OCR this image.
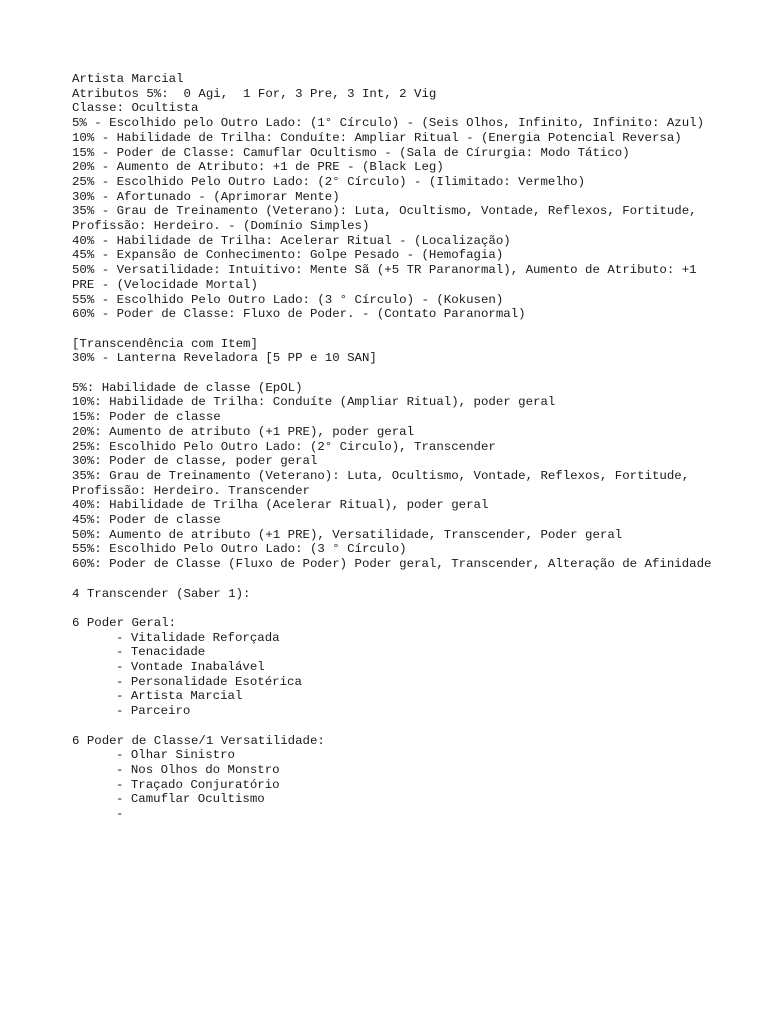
Artista Marcial
Atributos 5%:  0 Agi,  1 For, 3 Pre, 3 Int, 2 Vig
Classe: Ocultista
5% - Escolhido pelo Outro Lado: (1° Círculo) - (Seis Olhos, Infinito, Infinito: Azul)
10% - Habilidade de Trilha: Conduíte: Ampliar Ritual - (Energia Potencial Reversa)
15% - Poder de Classe: Camuflar Ocultismo - (Sala de Círurgia: Modo Tático)
20% - Aumento de Atributo: +1 de PRE - (Black Leg)
25% - Escolhido Pelo Outro Lado: (2° Círculo) - (Ilimitado: Vermelho)
30% - Afortunado - (Aprimorar Mente)
35% - Grau de Treinamento (Veterano): Luta, Ocultismo, Vontade, Reflexos, Fortitude, Profissão: Herdeiro. - (Domínio Simples)
40% - Habilidade de Trilha: Acelerar Ritual - (Localização)
45% - Expansão de Conhecimento: Golpe Pesado - (Hemofagia)
50% - Versatilidade: Intuitivo: Mente Sã (+5 TR Paranormal), Aumento de Atributo: +1 PRE - (Velocidade Mortal)
55% - Escolhido Pelo Outro Lado: (3 ° Círculo) - (Kokusen)
60% - Poder de Classe: Fluxo de Poder. - (Contato Paranormal)
[Transcendência com Item]
30% - Lanterna Reveladora [5 PP e 10 SAN]
5%: Habilidade de classe (EpOL)
10%: Habilidade de Trilha: Conduíte (Ampliar Ritual), poder geral
15%: Poder de classe
20%: Aumento de atributo (+1 PRE), poder geral
25%: Escolhido Pelo Outro Lado: (2° Circulo), Transcender
30%: Poder de classe, poder geral
35%: Grau de Treinamento (Veterano): Luta, Ocultismo, Vontade, Reflexos, Fortitude, Profissão: Herdeiro. Transcender
40%: Habilidade de Trilha (Acelerar Ritual), poder geral
45%: Poder de classe
50%: Aumento de atributo (+1 PRE), Versatilidade, Transcender, Poder geral
55%: Escolhido Pelo Outro Lado: (3 ° Círculo)
60%: Poder de Classe (Fluxo de Poder) Poder geral, Transcender, Alteração de Afinidade
4 Transcender (Saber 1):
6 Poder Geral:
- Vitalidade Reforçada
- Tenacidade
- Vontade Inabalável
- Personalidade Esotérica
- Artista Marcial
- Parceiro
6 Poder de Classe/1 Versatilidade:
- Olhar Sinistro
- Nos Olhos do Monstro
- Traçado Conjuratório
- Camuflar Ocultismo
-
